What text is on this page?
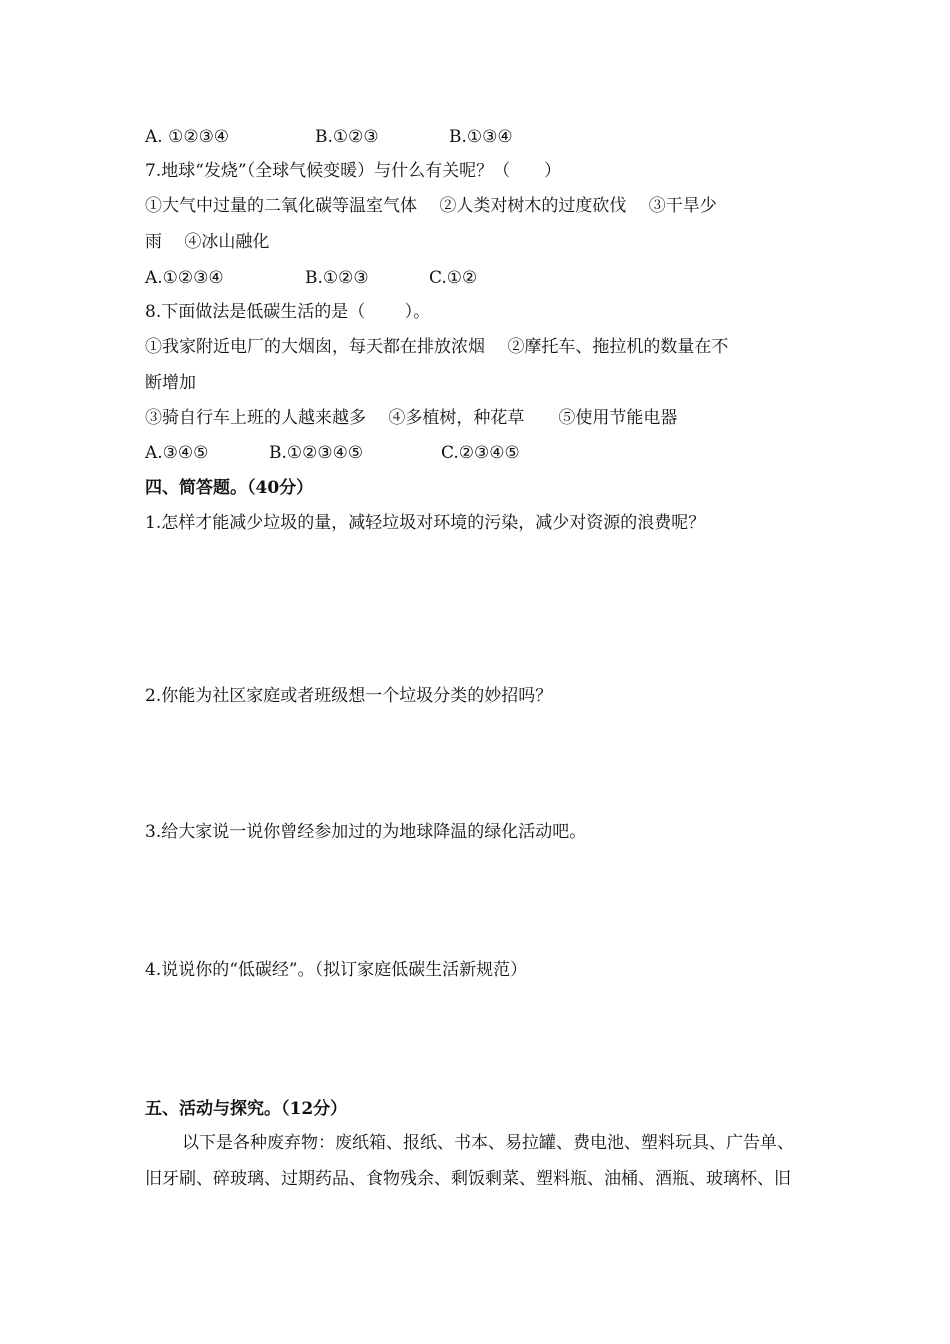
A. ①②③④	B.①②③	B.①③④
7.地球“发烧”（全球气候变暖）与什么有关呢？（　　）
①大气中过量的二氧化碳等温室气体　 ②人类对树木的过度砍伐　 ③干旱少
雨　 ④冰山融化
A.①②③④	B.①②③	C.①②
8.下面做法是低碳生活的是（　　 ）。
①我家附近电厂的大烟囱，每天都在排放浓烟　 ②摩托车、拖拉机的数量在不
断增加
③骑自行车上班的人越来越多　 ④多植树，种花草　　⑤使用节能电器
A.③④⑤	B.①②③④⑤	C.②③④⑤
四、简答题。（40分）
1.怎样才能减少垃圾的量，减轻垃圾对环境的污染，减少对资源的浪费呢？
2.你能为社区家庭或者班级想一个垃圾分类的妙招吗？
3.给大家说一说你曾经参加过的为地球降温的绿化活动吧。
4.说说你的“低碳经”。（拟订家庭低碳生活新规范）
五、活动与探究。（12分）
以下是各种废弃物：废纸箱、报纸、书本、易拉罐、费电池、塑料玩具、广告单、
旧牙刷、碎玻璃、过期药品、食物残余、剩饭剩菜、塑料瓶、油桶、酒瓶、玻璃杯、旧
